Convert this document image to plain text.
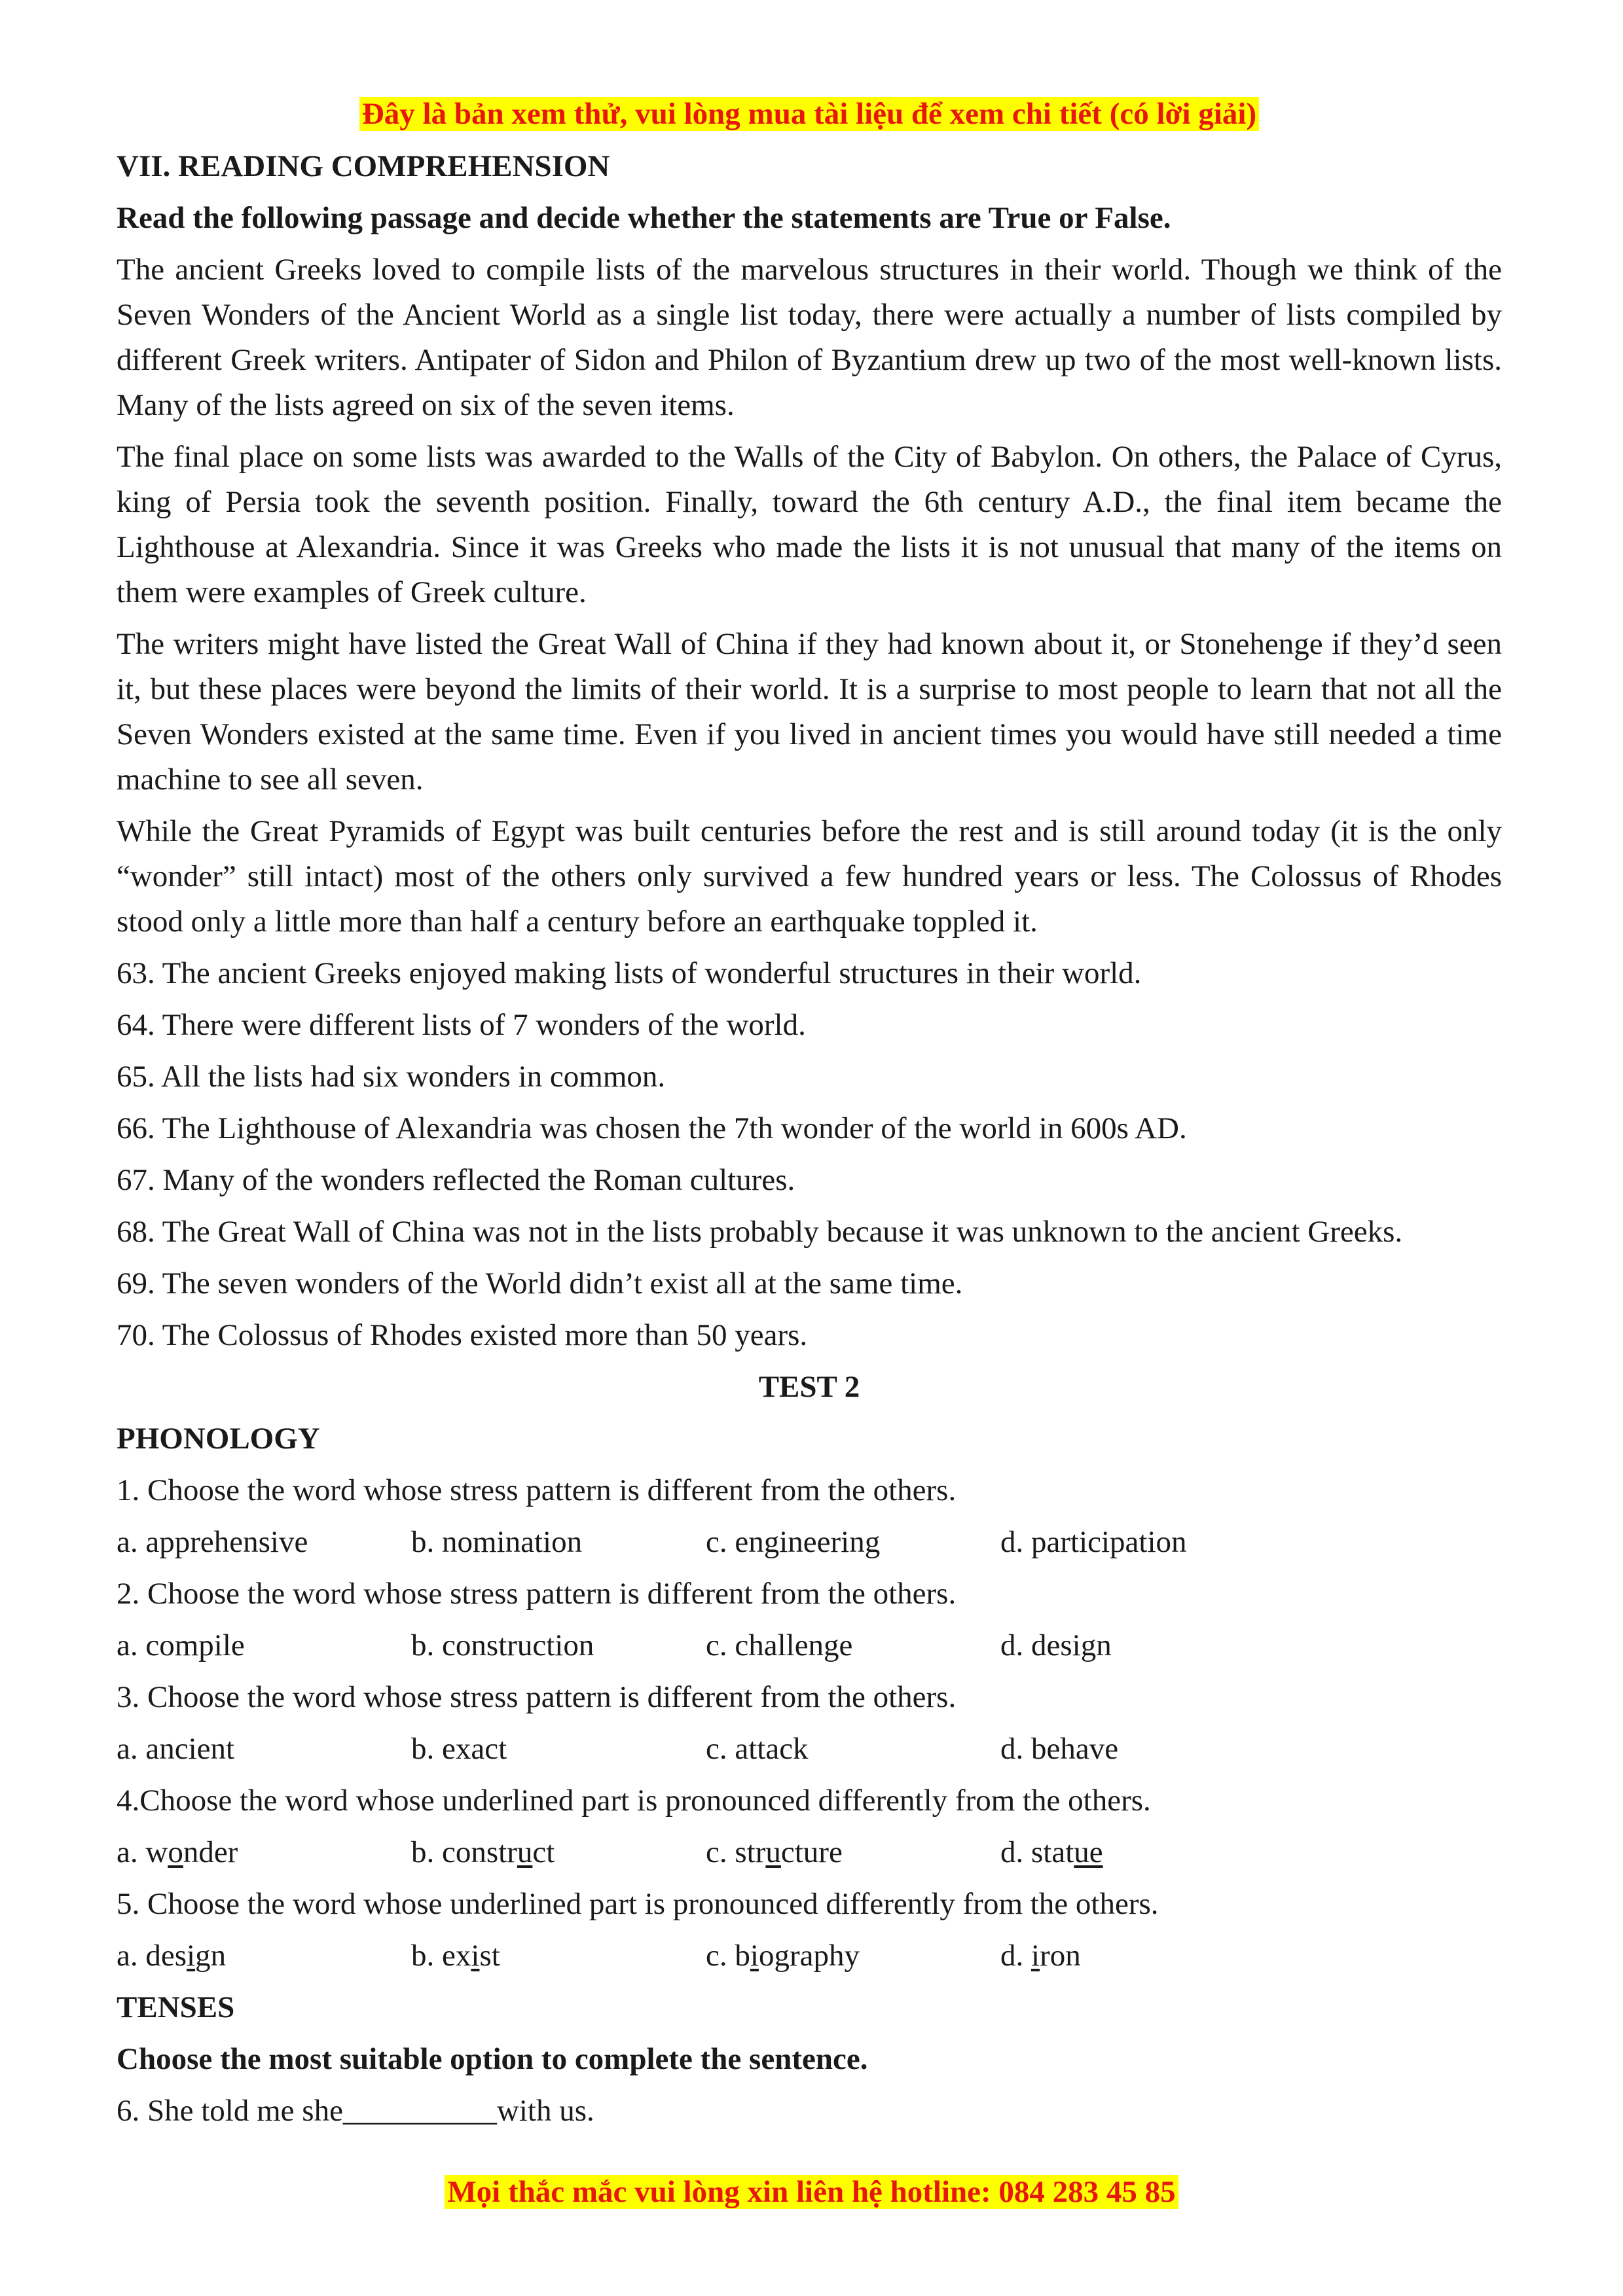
Đây là bản xem thử, vui lòng mua tài liệu để xem chi tiết (có lời giải)
VII. READING COMPREHENSION
Read the following passage and decide whether the statements are True or False.
The ancient Greeks loved to compile lists of the marvelous structures in their world. Though we think of the Seven Wonders of the Ancient World as a single list today, there were actually a number of lists compiled by different Greek writers. Antipater of Sidon and Philon of Byzantium drew up two of the most well-known lists. Many of the lists agreed on six of the seven items.
The final place on some lists was awarded to the Walls of the City of Babylon. On others, the Palace of Cyrus, king of Persia took the seventh position. Finally, toward the 6th century A.D., the final item became the Lighthouse at Alexandria. Since it was Greeks who made the lists it is not unusual that many of the items on them were examples of Greek culture.
The writers might have listed the Great Wall of China if they had known about it, or Stonehenge if they’d seen it, but these places were beyond the limits of their world. It is a surprise to most people to learn that not all the Seven Wonders existed at the same time. Even if you lived in ancient times you would have still needed a time machine to see all seven.
While the Great Pyramids of Egypt was built centuries before the rest and is still around today (it is the only “wonder” still intact) most of the others only survived a few hundred years or less. The Colossus of Rhodes stood only a little more than half a century before an earthquake toppled it.
63. The ancient Greeks enjoyed making lists of wonderful structures in their world.
64. There were different lists of 7 wonders of the world.
65. All the lists had six wonders in common.
66. The Lighthouse of Alexandria was chosen the 7th wonder of the world in 600s AD.
67. Many of the wonders reflected the Roman cultures.
68. The Great Wall of China was not in the lists probably because it was unknown to the ancient Greeks.
69. The seven wonders of the World didn’t exist all at the same time.
70. The Colossus of Rhodes existed more than 50 years.
TEST 2
PHONOLOGY
1. Choose the word whose stress pattern is different from the others.
a. apprehensive	b. nomination	c. engineering	d. participation
2. Choose the word whose stress pattern is different from the others.
a. compile	b. construction	c. challenge	d. design
3. Choose the word whose stress pattern is different from the others.
a. ancient	b. exact	c. attack	d. behave
4.Choose the word whose underlined part is pronounced differently from the others.
a. wonder	b. construct	c. structure	d. statue
5. Choose the word whose underlined part is pronounced differently from the others.
a. design	b. exist	c. biography	d. iron
TENSES
Choose the most suitable option to complete the sentence.
6. She told me she__________with us.
Mọi thắc mắc vui lòng xin liên hệ hotline: 084 283 45 85
